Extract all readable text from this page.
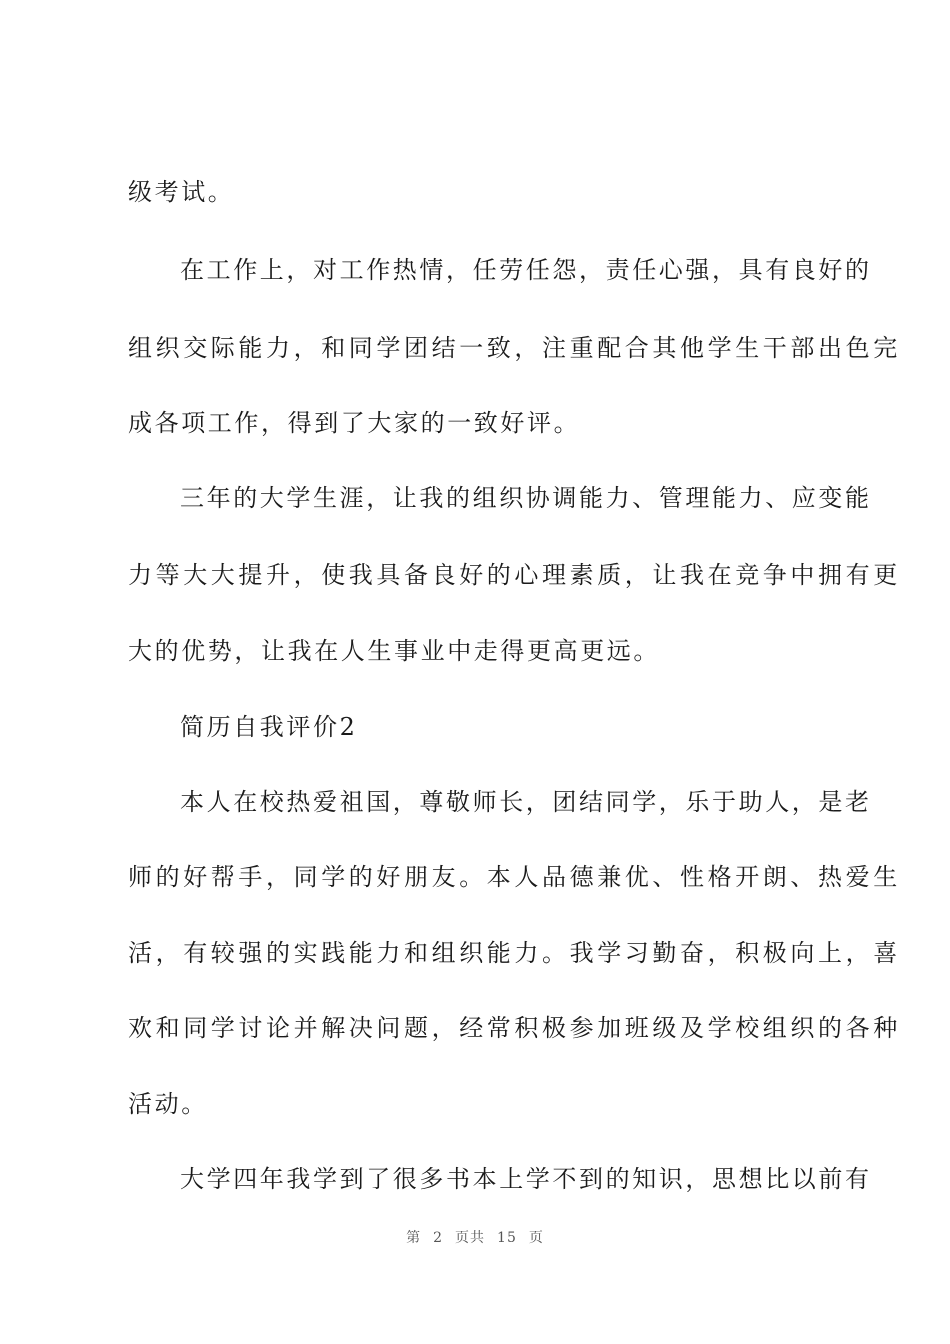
级考试。
在工作上，对工作热情，任劳任怨，责任心强，具有良好的
组织交际能力，和同学团结一致，注重配合其他学生干部出色完
成各项工作，得到了大家的一致好评。
三年的大学生涯，让我的组织协调能力、管理能力、应变能
力等大大提升，使我具备良好的心理素质，让我在竞争中拥有更
大的优势，让我在人生事业中走得更高更远。
简历自我评价2
本人在校热爱祖国，尊敬师长，团结同学，乐于助人，是老
师的好帮手，同学的好朋友。本人品德兼优、性格开朗、热爱生
活，有较强的实践能力和组织能力。我学习勤奋，积极向上，喜
欢和同学讨论并解决问题，经常积极参加班级及学校组织的各种
活动。
大学四年我学到了很多书本上学不到的知识，思想比以前有
第 2 页共 15 页
